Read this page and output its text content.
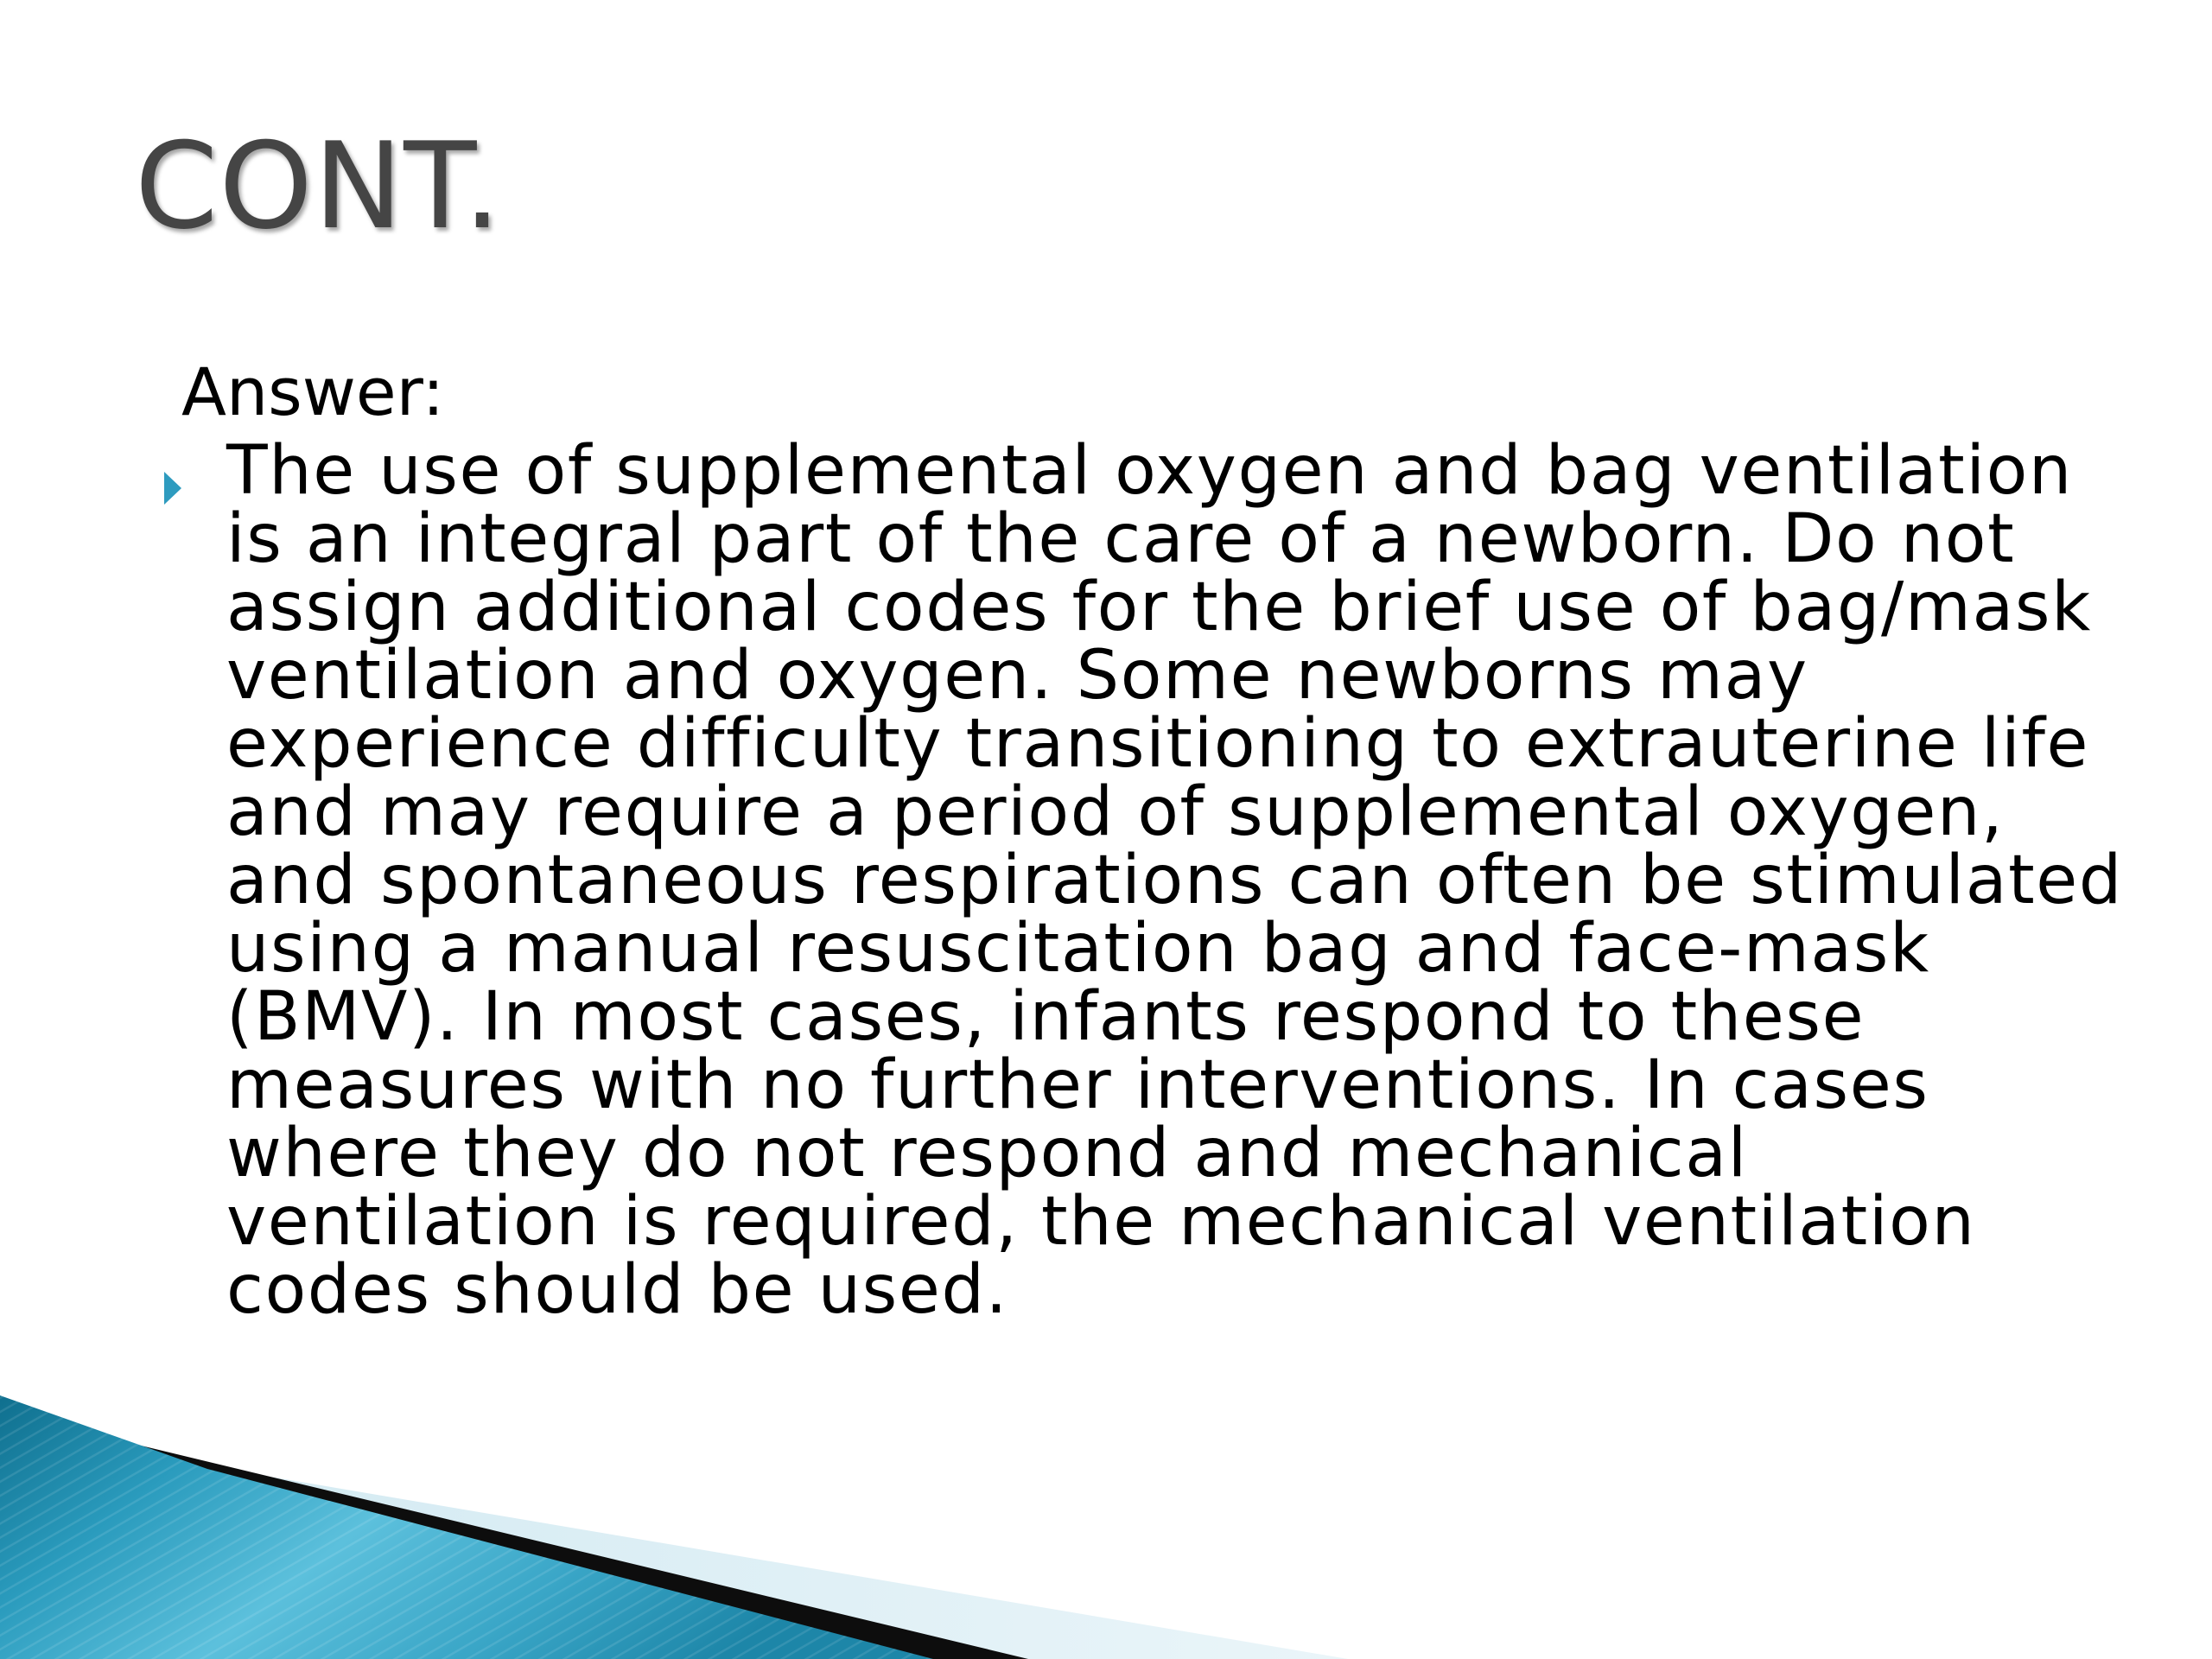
CONT.
Answer:

The use of supplemental oxygen and bag ventilation
is an integral part of the care of a newborn. Do not
assign additional codes for the brief use of bag/mask
ventilation and oxygen. Some newborns may
experience difficulty transitioning to extrauterine life
and may require a period of supplemental oxygen,
and spontaneous respirations can often be stimulated
using a manual resuscitation bag and face-mask
(BMV). In most cases, infants respond to these
measures with no further interventions. In cases
where they do not respond and mechanical
ventilation is required, the mechanical ventilation
codes should be used.
